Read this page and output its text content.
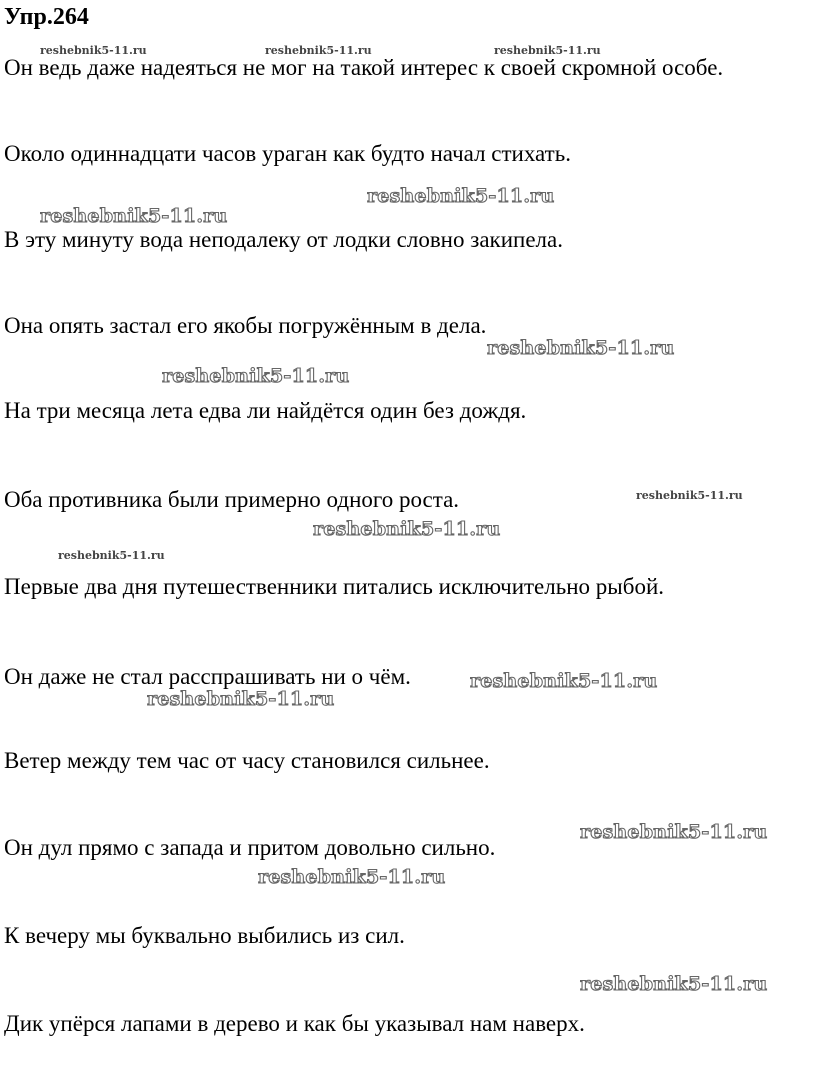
Упр.264
Он ведь даже надеяться не мог на такой интерес к своей скромной особе.
Около одиннадцати часов ураган как будто начал стихать.
В эту минуту вода неподалеку от лодки словно закипела.
Она опять застал его якобы погружённым в дела.
На три месяца лета едва ли найдётся один без дождя.
Оба противника были примерно одного роста.
Первые два дня путешественники питались исключительно рыбой.
Он даже не стал расспрашивать ни о чём.
Ветер между тем час от часу становился сильнее.
Он дул прямо с запада и притом довольно сильно.
К вечеру мы буквально выбились из сил.
Дик упёрся лапами в дерево и как бы указывал нам наверх.
reshebnik5-11.ru	reshebnik5-11.ru	reshebnik5-11.ru
reshebnik5-11.ru
reshebnik5-11.ru
reshebnik5-11.ru
reshebnik5-11.ru
reshebnik5-11.ru
reshebnik5-11.ru
reshebnik5-11.ru
reshebnik5-11.ru
reshebnik5-11.ru
reshebnik5-11.ru
reshebnik5-11.ru
reshebnik5-11.ru
